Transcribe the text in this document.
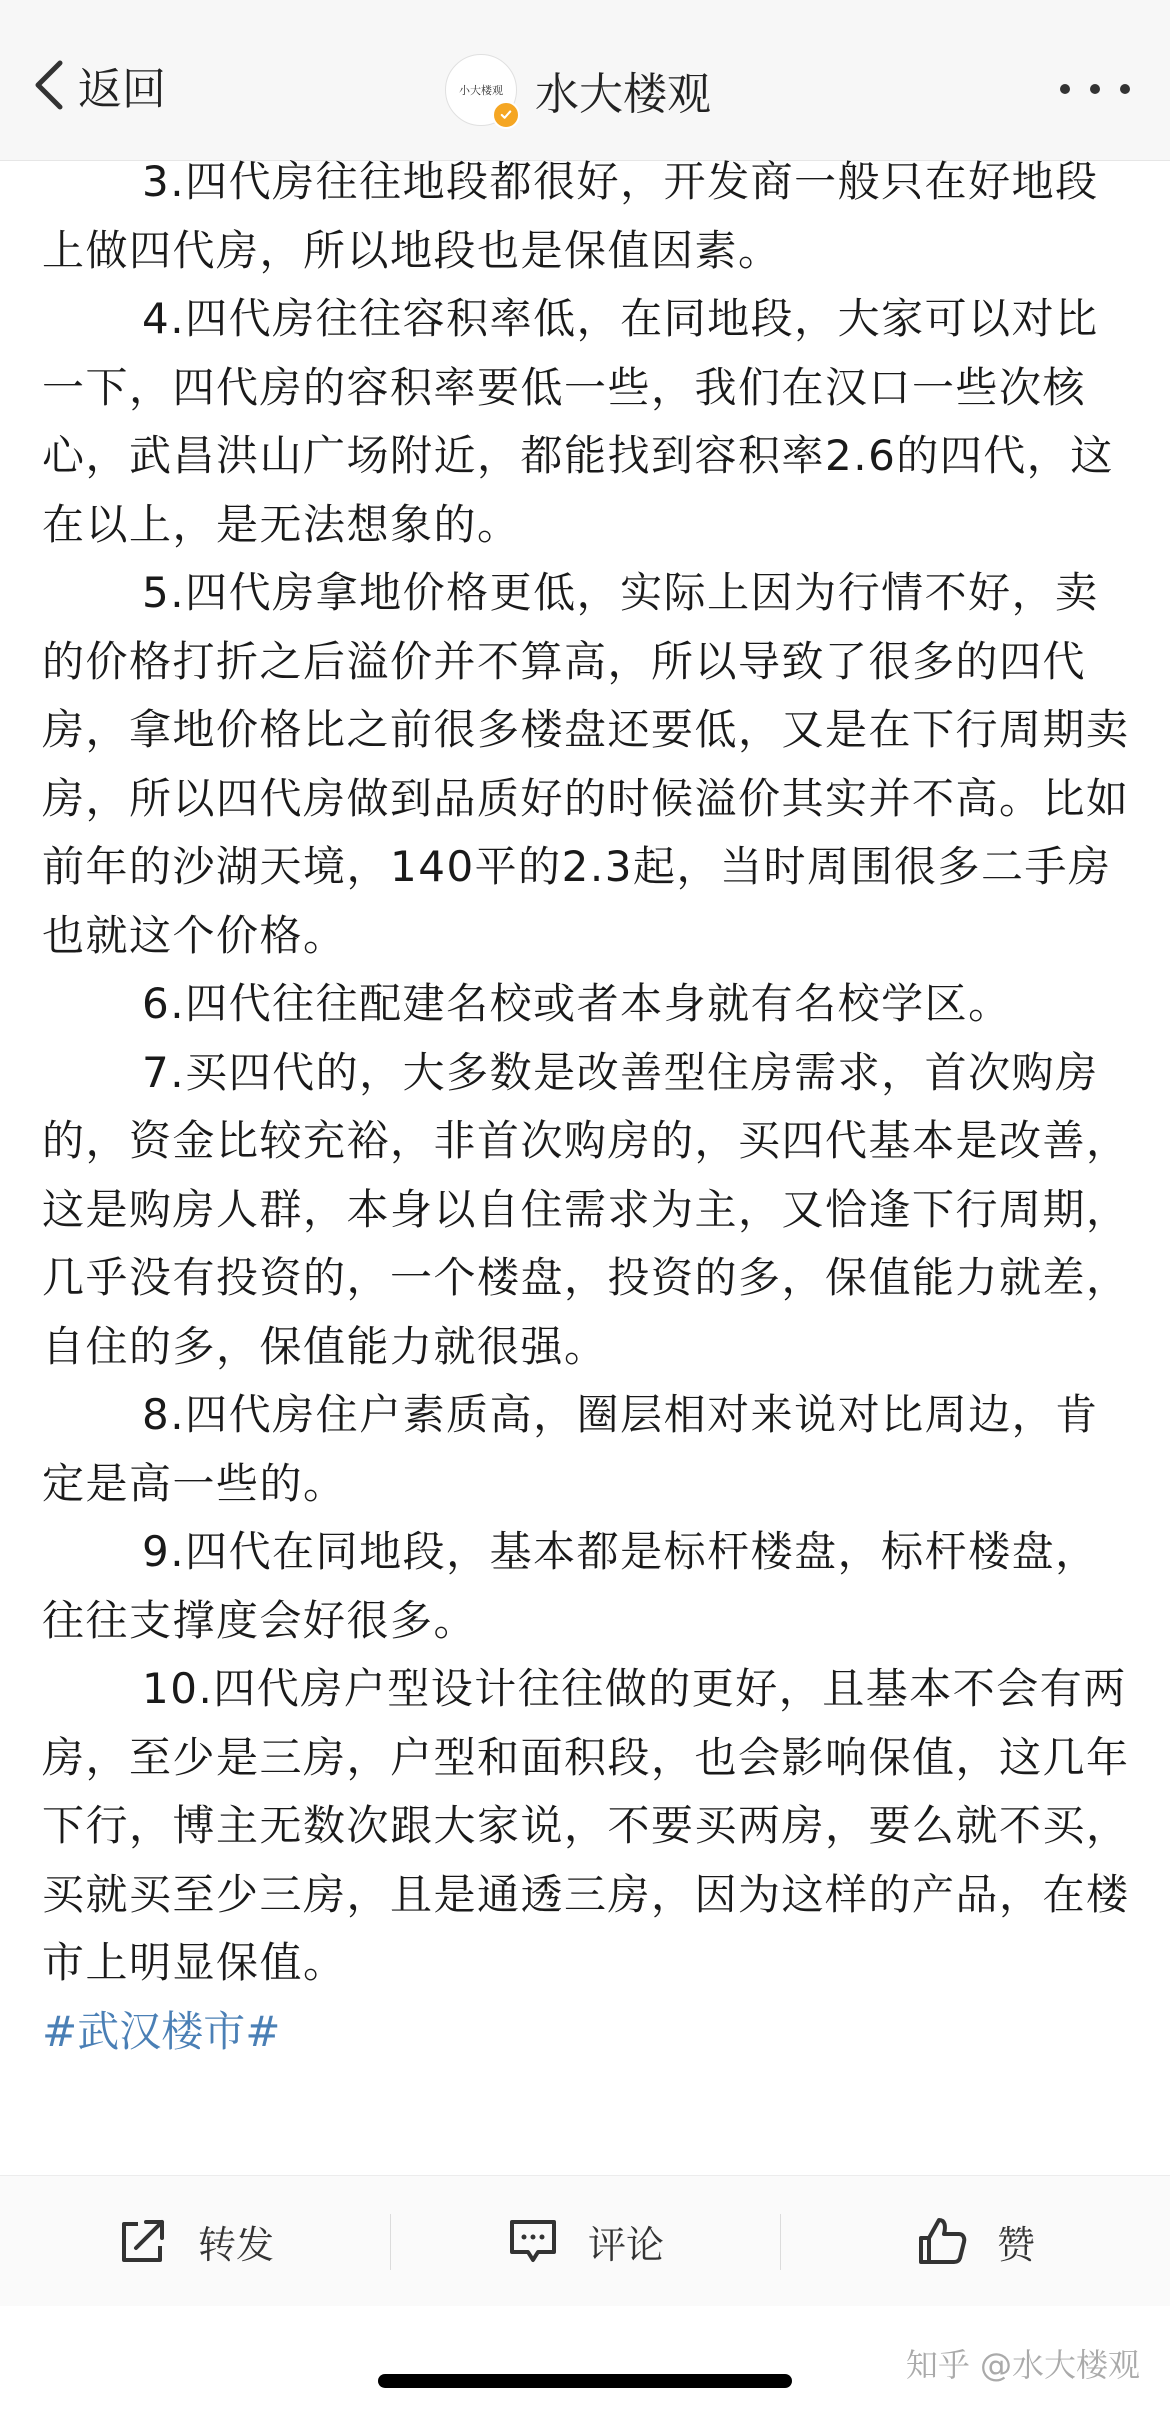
返回	小大楼观 水大楼观

3.四代房往往地段都很好，开发商一般只在好地段上做四代房，所以地段也是保值因素。

4.四代房往往容积率低，在同地段，大家可以对比一下，四代房的容积率要低一些，我们在汉口一些次核心，武昌洪山广场附近，都能找到容积率2.6的四代，这在以上，是无法想象的。

5.四代房拿地价格更低，实际上因为行情不好，卖的价格打折之后溢价并不算高，所以导致了很多的四代房，拿地价格比之前很多楼盘还要低，又是在下行周期卖房，所以四代房做到品质好的时候溢价其实并不高。比如前年的沙湖天境，140平的2.3起，当时周围很多二手房也就这个价格。

6.四代往往配建名校或者本身就有名校学区。

7.买四代的，大多数是改善型住房需求，首次购房的，资金比较充裕，非首次购房的，买四代基本是改善，这是购房人群，本身以自住需求为主，又恰逢下行周期，几乎没有投资的，一个楼盘，投资的多，保值能力就差，自住的多，保值能力就很强。

8.四代房住户素质高，圈层相对来说对比周边，肯定是高一些的。

9.四代在同地段，基本都是标杆楼盘，标杆楼盘，往往支撑度会好很多。

10.四代房户型设计往往做的更好，且基本不会有两房，至少是三房，户型和面积段，也会影响保值，这几年下行，博主无数次跟大家说，不要买两房，要么就不买，买就买至少三房，且是通透三房，因为这样的产品，在楼市上明显保值。

#武汉楼市#
转发	评论	赞
知乎 @水大楼观
